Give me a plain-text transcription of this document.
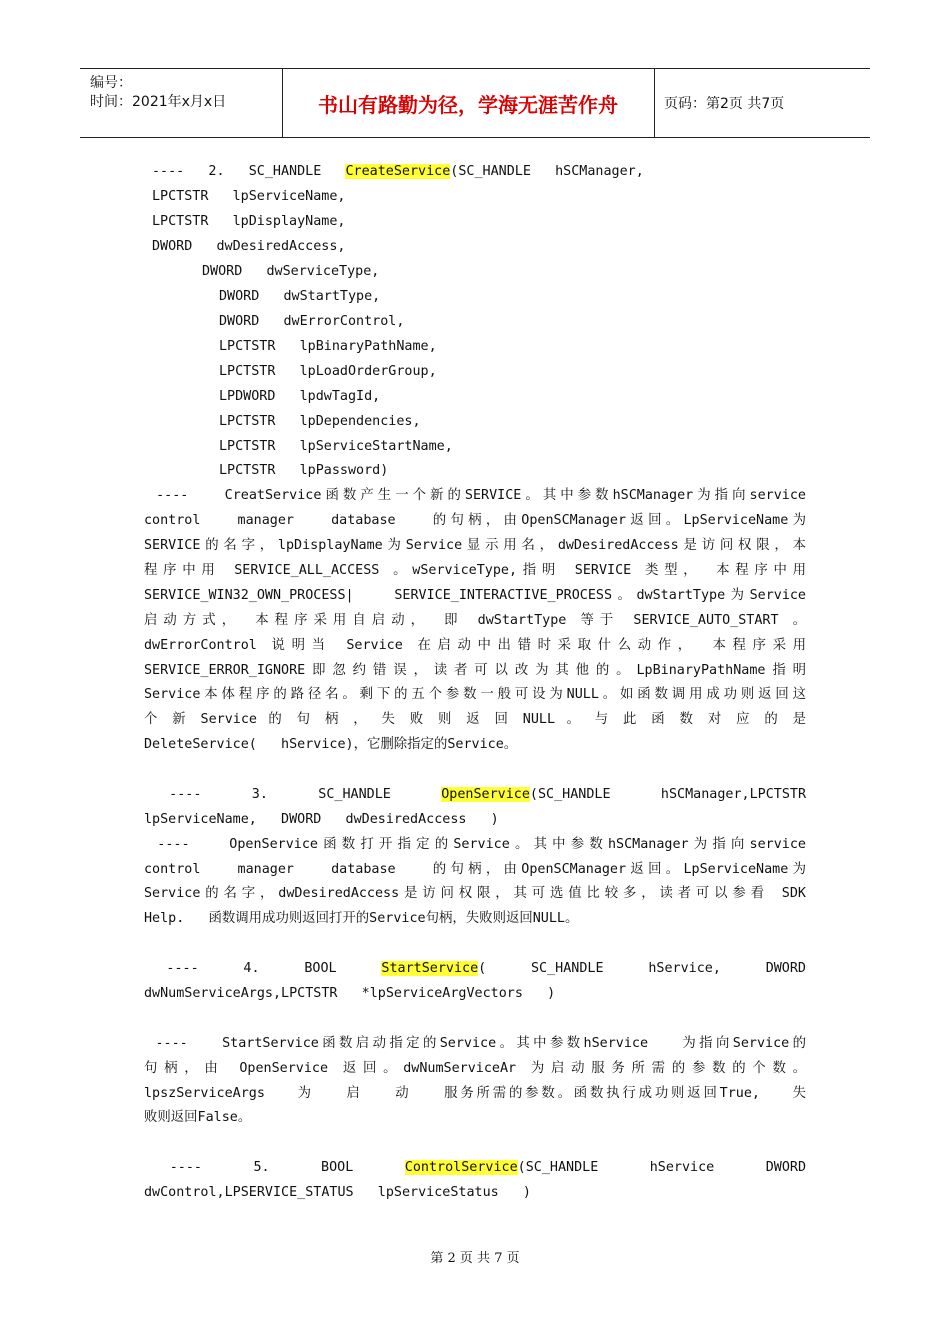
编号：
时间：2021年x月x日	书山有路勤为径，学海无涯苦作舟	页码：第2页 共7页
----   2.   SC_HANDLE   CreateService(SC_HANDLE   hSCManager,
LPCTSTR   lpServiceName,
LPCTSTR   lpDisplayName,
DWORD   dwDesiredAccess,
DWORD   dwServiceType,
DWORD   dwStartType,
DWORD   dwErrorControl,
LPCTSTR   lpBinaryPathName,
LPCTSTR   lpLoadOrderGroup,
LPDWORD   lpdwTagId,
LPCTSTR   lpDependencies,
LPCTSTR   lpServiceStartName,
LPCTSTR   lpPassword)
----   CreatService函数产生一个新的SERVICE。其中参数hSCManager为指向service
control   manager   database   的句柄，由OpenSCManager返回。LpServiceName为
SERVICE的名字，lpDisplayName为Service显示用名，dwDesiredAccess是访问权限，本
程序中用 SERVICE_ALL_ACCESS 。wServiceType,指明 SERVICE 类型， 本程序中用
SERVICE_WIN32_OWN_PROCESS|   SERVICE_INTERACTIVE_PROCESS。dwStartType为Service
启动方式， 本程序采用自启动， 即 dwStartType 等于 SERVICE_AUTO_START 。
dwErrorControl 说明当 Service 在启动中出错时采取什么动作， 本程序采用
SERVICE_ERROR_IGNORE即忽约错误，读者可以改为其他的。LpBinaryPathName指明
Service本体程序的路径名。剩下的五个参数一般可设为NULL。如函数调用成功则返回这
个 新 Service 的 句 柄 ， 失 败 则 返 回 NULL 。 与 此 函 数 对 应 的 是
DeleteService(   hService)，它删除指定的Service。
----    3.    SC_HANDLE    OpenService(SC_HANDLE    hSCManager,LPCTSTR
lpServiceName,   DWORD   dwDesiredAccess   )
----   OpenService函数打开指定的Service。其中参数hSCManager为指向service
control   manager   database   的句柄，由OpenSCManager返回。LpServiceName为
Service的名字，dwDesiredAccess是访问权限，其可选值比较多，读者可以参看 SDK
Help.   函数调用成功则返回打开的Service句柄，失败则返回NULL。
----    4.    BOOL    StartService(    SC_HANDLE    hService,    DWORD
dwNumServiceArgs,LPCTSTR   *lpServiceArgVectors   )
----   StartService函数启动指定的Service。其中参数hService   为指向Service的
句柄，由 OpenService 返回。dwNumServiceAr 为启动服务所需的参数的个数。
lpszServiceArgs   为   启   动   服务所需的参数。函数执行成功则返回True,   失
败则返回False。
----    5.    BOOL    ControlService(SC_HANDLE    hService    DWORD
dwControl,LPSERVICE_STATUS   lpServiceStatus   )
第 2 页 共 7 页
